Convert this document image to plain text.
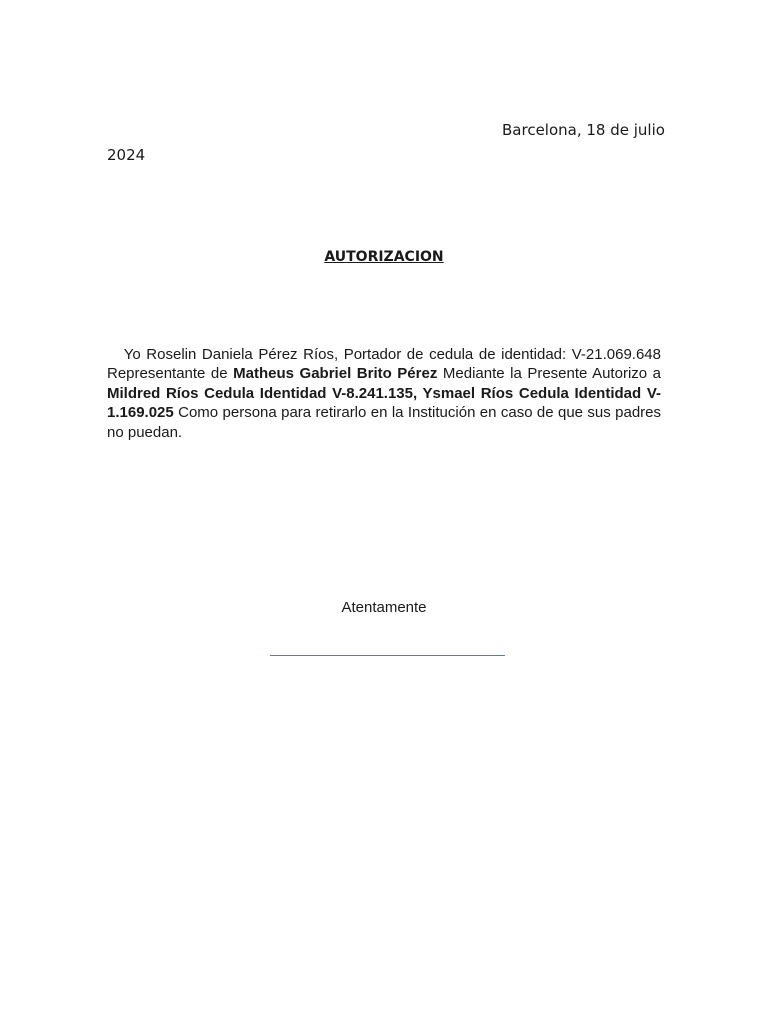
Barcelona, 18 de julio
2024
AUTORIZACION
Yo Roselin Daniela Pérez Ríos, Portador de cedula de identidad: V-21.069.648 Representante de Matheus Gabriel Brito Pérez Mediante la Presente Autorizo a Mildred Ríos Cedula Identidad V-8.241.135, Ysmael Ríos Cedula Identidad V-1.169.025 Como persona para retirarlo en la Institución en caso de que sus padres no puedan.
Atentamente
